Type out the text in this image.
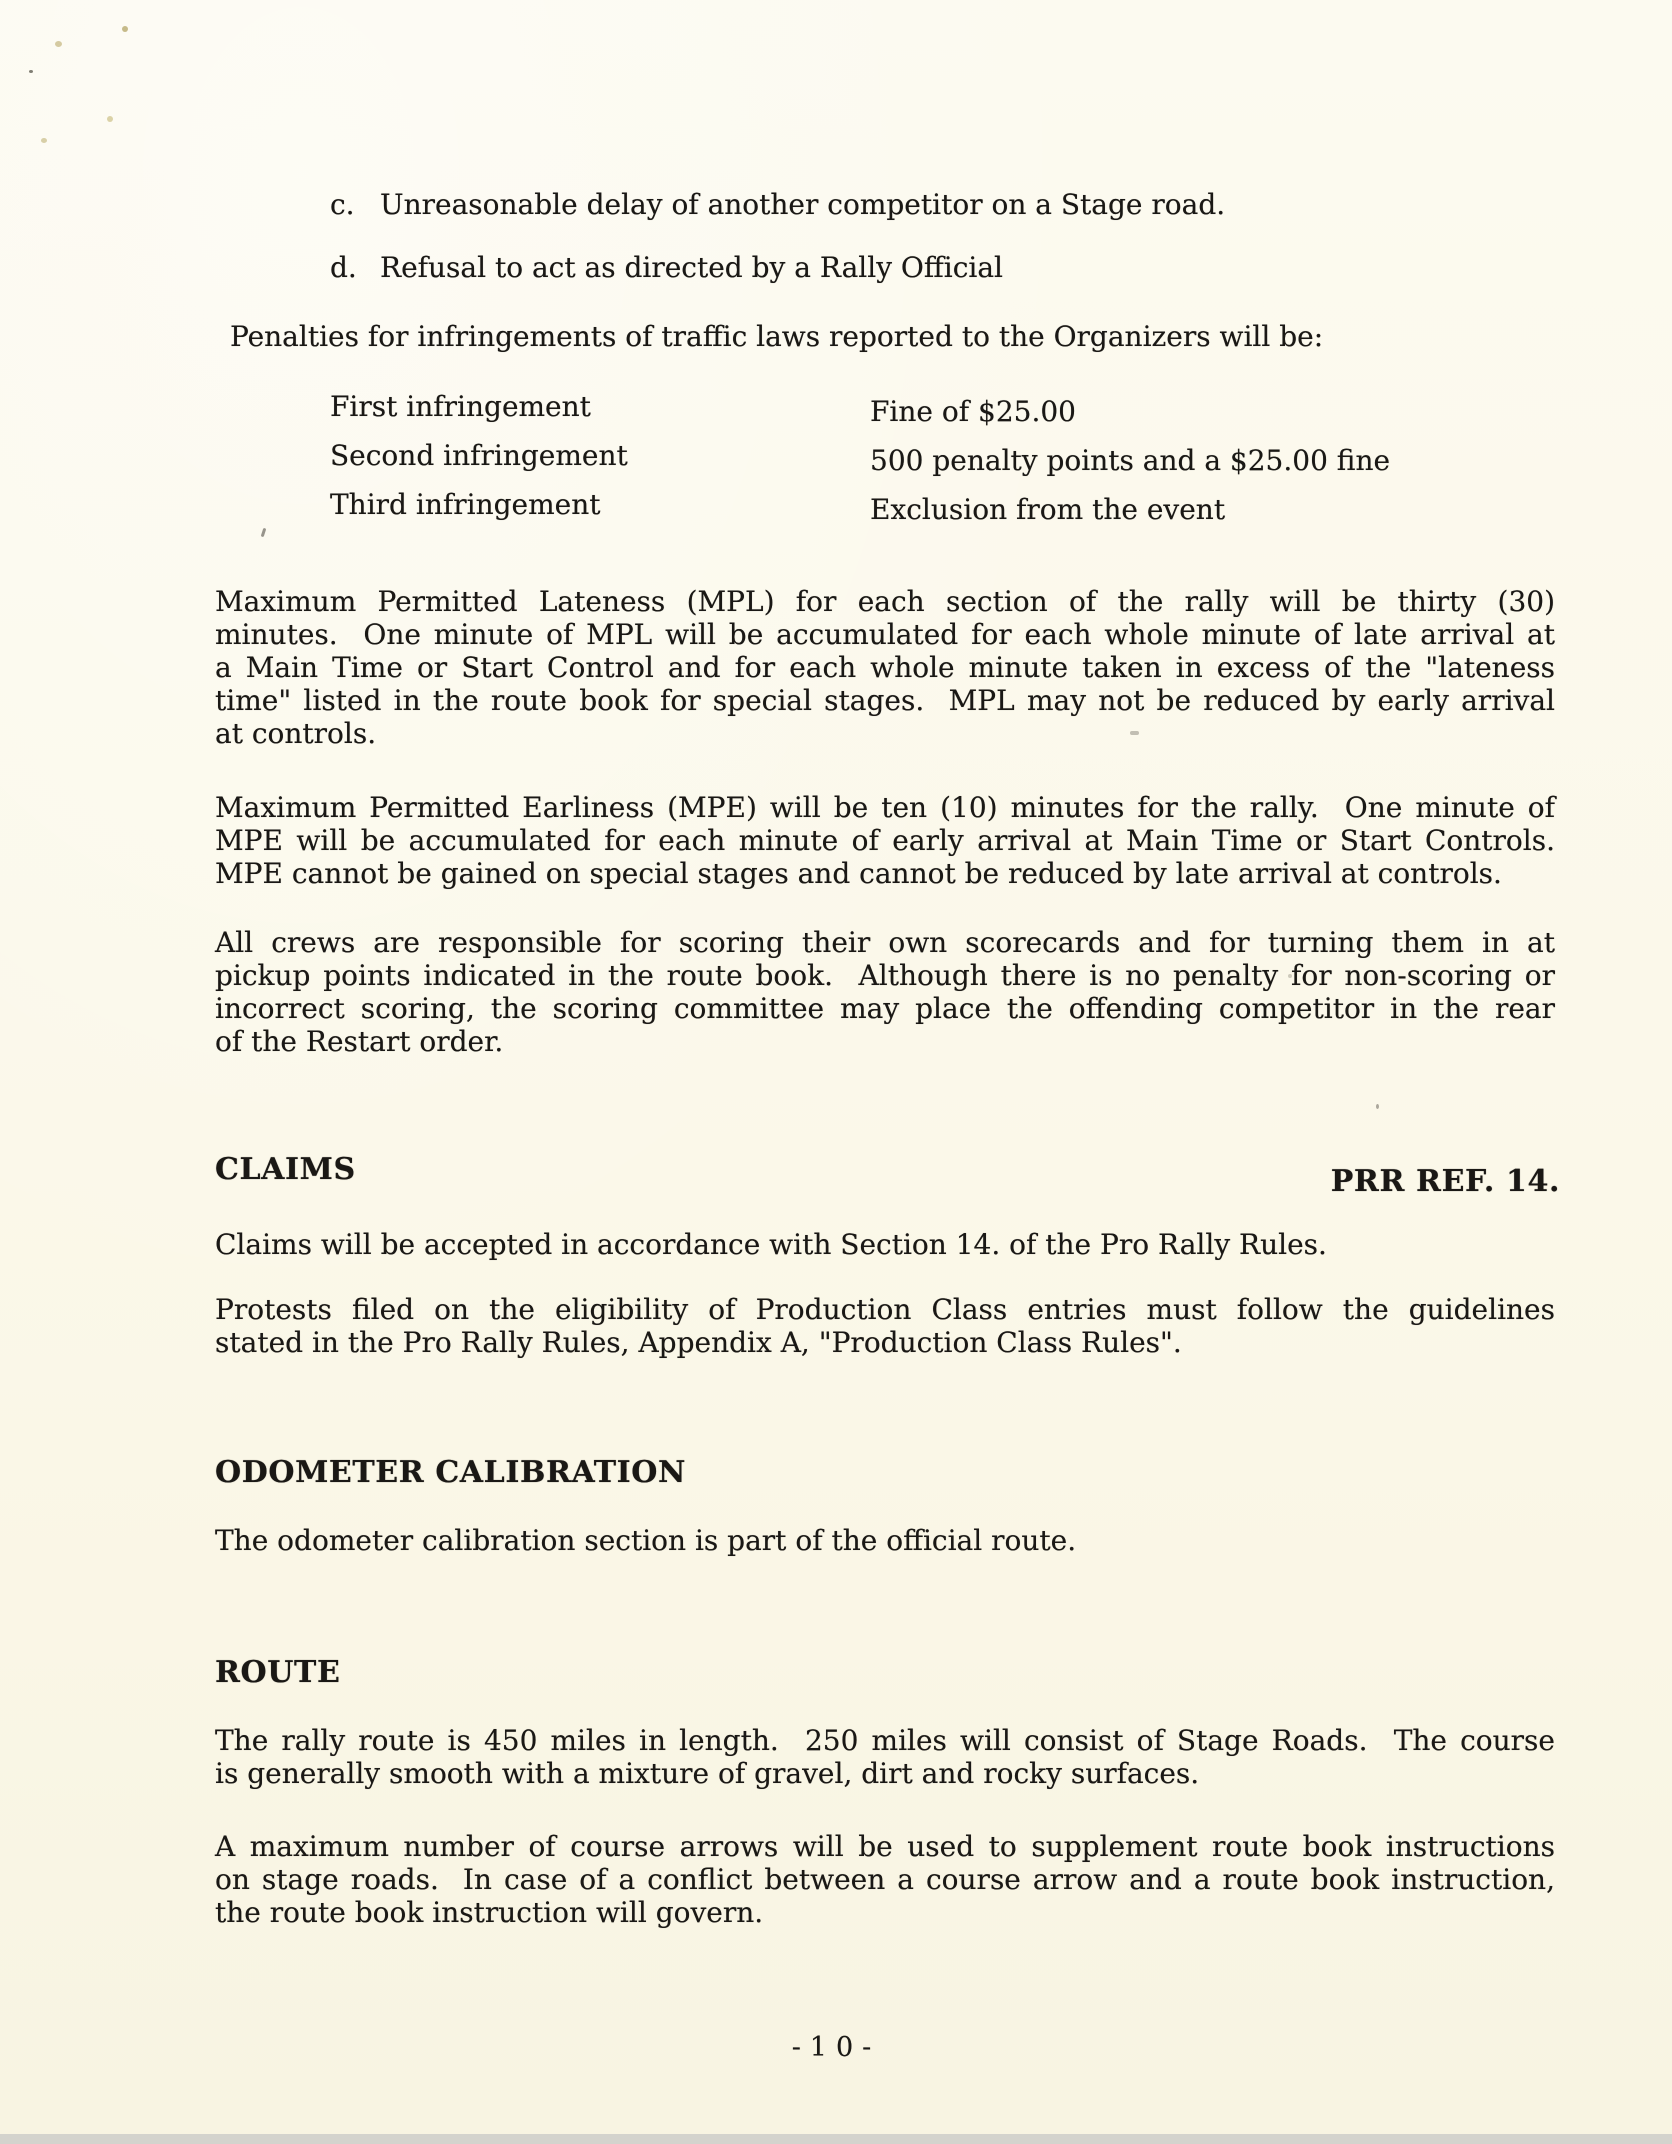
c. Unreasonable delay of another competitor on a Stage road.
d. Refusal to act as directed by a Rally Official
Penalties for infringements of traffic laws reported to the Organizers will be:
First infringement	Fine of $25.00
Second infringement	500 penalty points and a $25.00 fine
Third infringement	Exclusion from the event
Maximum Permitted Lateness (MPL) for each section of the rally will be thirty (30)
minutes.  One minute of MPL will be accumulated for each whole minute of late arrival at
a Main Time or Start Control and for each whole minute taken in excess of the "lateness
time" listed in the route book for special stages.  MPL may not be reduced by early arrival
at controls.
Maximum Permitted Earliness (MPE) will be ten (10) minutes for the rally.  One minute of
MPE will be accumulated for each minute of early arrival at Main Time or Start Controls.
MPE cannot be gained on special stages and cannot be reduced by late arrival at controls.
All crews are responsible for scoring their own scorecards and for turning them in at
pickup points indicated in the route book.  Although there is no penalty for non-scoring or
incorrect scoring, the scoring committee may place the offending competitor in the rear
of the Restart order.
CLAIMS	PRR REF. 14.
Claims will be accepted in accordance with Section 14. of the Pro Rally Rules.
Protests filed on the eligibility of Production Class entries must follow the guidelines
stated in the Pro Rally Rules, Appendix A, "Production Class Rules".
ODOMETER CALIBRATION
The odometer calibration section is part of the official route.
ROUTE
The rally route is 450 miles in length.  250 miles will consist of Stage Roads.  The course
is generally smooth with a mixture of gravel, dirt and rocky surfaces.
A maximum number of course arrows will be used to supplement route book instructions
on stage roads.  In case of a conflict between a course arrow and a route book instruction,
the route book instruction will govern.
-10-
